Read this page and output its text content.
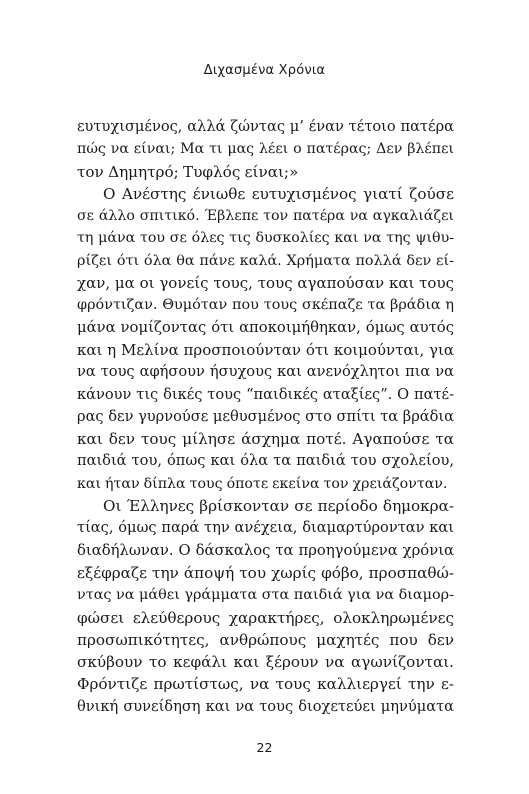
Διχασμένα Χρόνια
ευτυχισμένος, αλλά ζώντας μ’ έναν τέτοιο πατέρα
πώς να είναι; Μα τι μας λέει ο πατέρας; Δεν βλέπει
τον Δημητρό; Τυφλός είναι;»
Ο Ανέστης ένιωθε ευτυχισμένος γιατί ζούσε
σε άλλο σπιτικό. Έβλεπε τον πατέρα να αγκαλιάζει
τη μάνα του σε όλες τις δυσκολίες και να της ψιθυ-
ρίζει ότι όλα θα πάνε καλά. Χρήματα πολλά δεν εί-
χαν, μα οι γονείς τους, τους αγαπούσαν και τους
φρόντιζαν. Θυμόταν που τους σκέπαζε τα βράδια η
μάνα νομίζοντας ότι αποκοιμήθηκαν, όμως αυτός
και η Μελίνα προσποιούνταν ότι κοιμούνται, για
να τους αφήσουν ήσυχους και ανενόχλητοι πια να
κάνουν τις δικές τους “παιδικές αταξίες”. Ο πατέ-
ρας δεν γυρνούσε μεθυσμένος στο σπίτι τα βράδια
και δεν τους μίλησε άσχημα ποτέ. Αγαπούσε τα
παιδιά του, όπως και όλα τα παιδιά του σχολείου,
και ήταν δίπλα τους όποτε εκείνα τον χρειάζονταν.
Οι Έλληνες βρίσκονταν σε περίοδο δημοκρα-
τίας, όμως παρά την ανέχεια, διαμαρτύρονταν και
διαδήλωναν. Ο δάσκαλος τα προηγούμενα χρόνια
εξέφραζε την άποψή του χωρίς φόβο, προσπαθώ-
ντας να μάθει γράμματα στα παιδιά για να διαμορ-
φώσει ελεύθερους χαρακτήρες, ολοκληρωμένες
προσωπικότητες, ανθρώπους μαχητές που δεν
σκύβουν το κεφάλι και ξέρουν να αγωνίζονται.
Φρόντιζε πρωτίστως, να τους καλλιεργεί την ε-
θνική συνείδηση και να τους διοχετεύει μηνύματα
22
